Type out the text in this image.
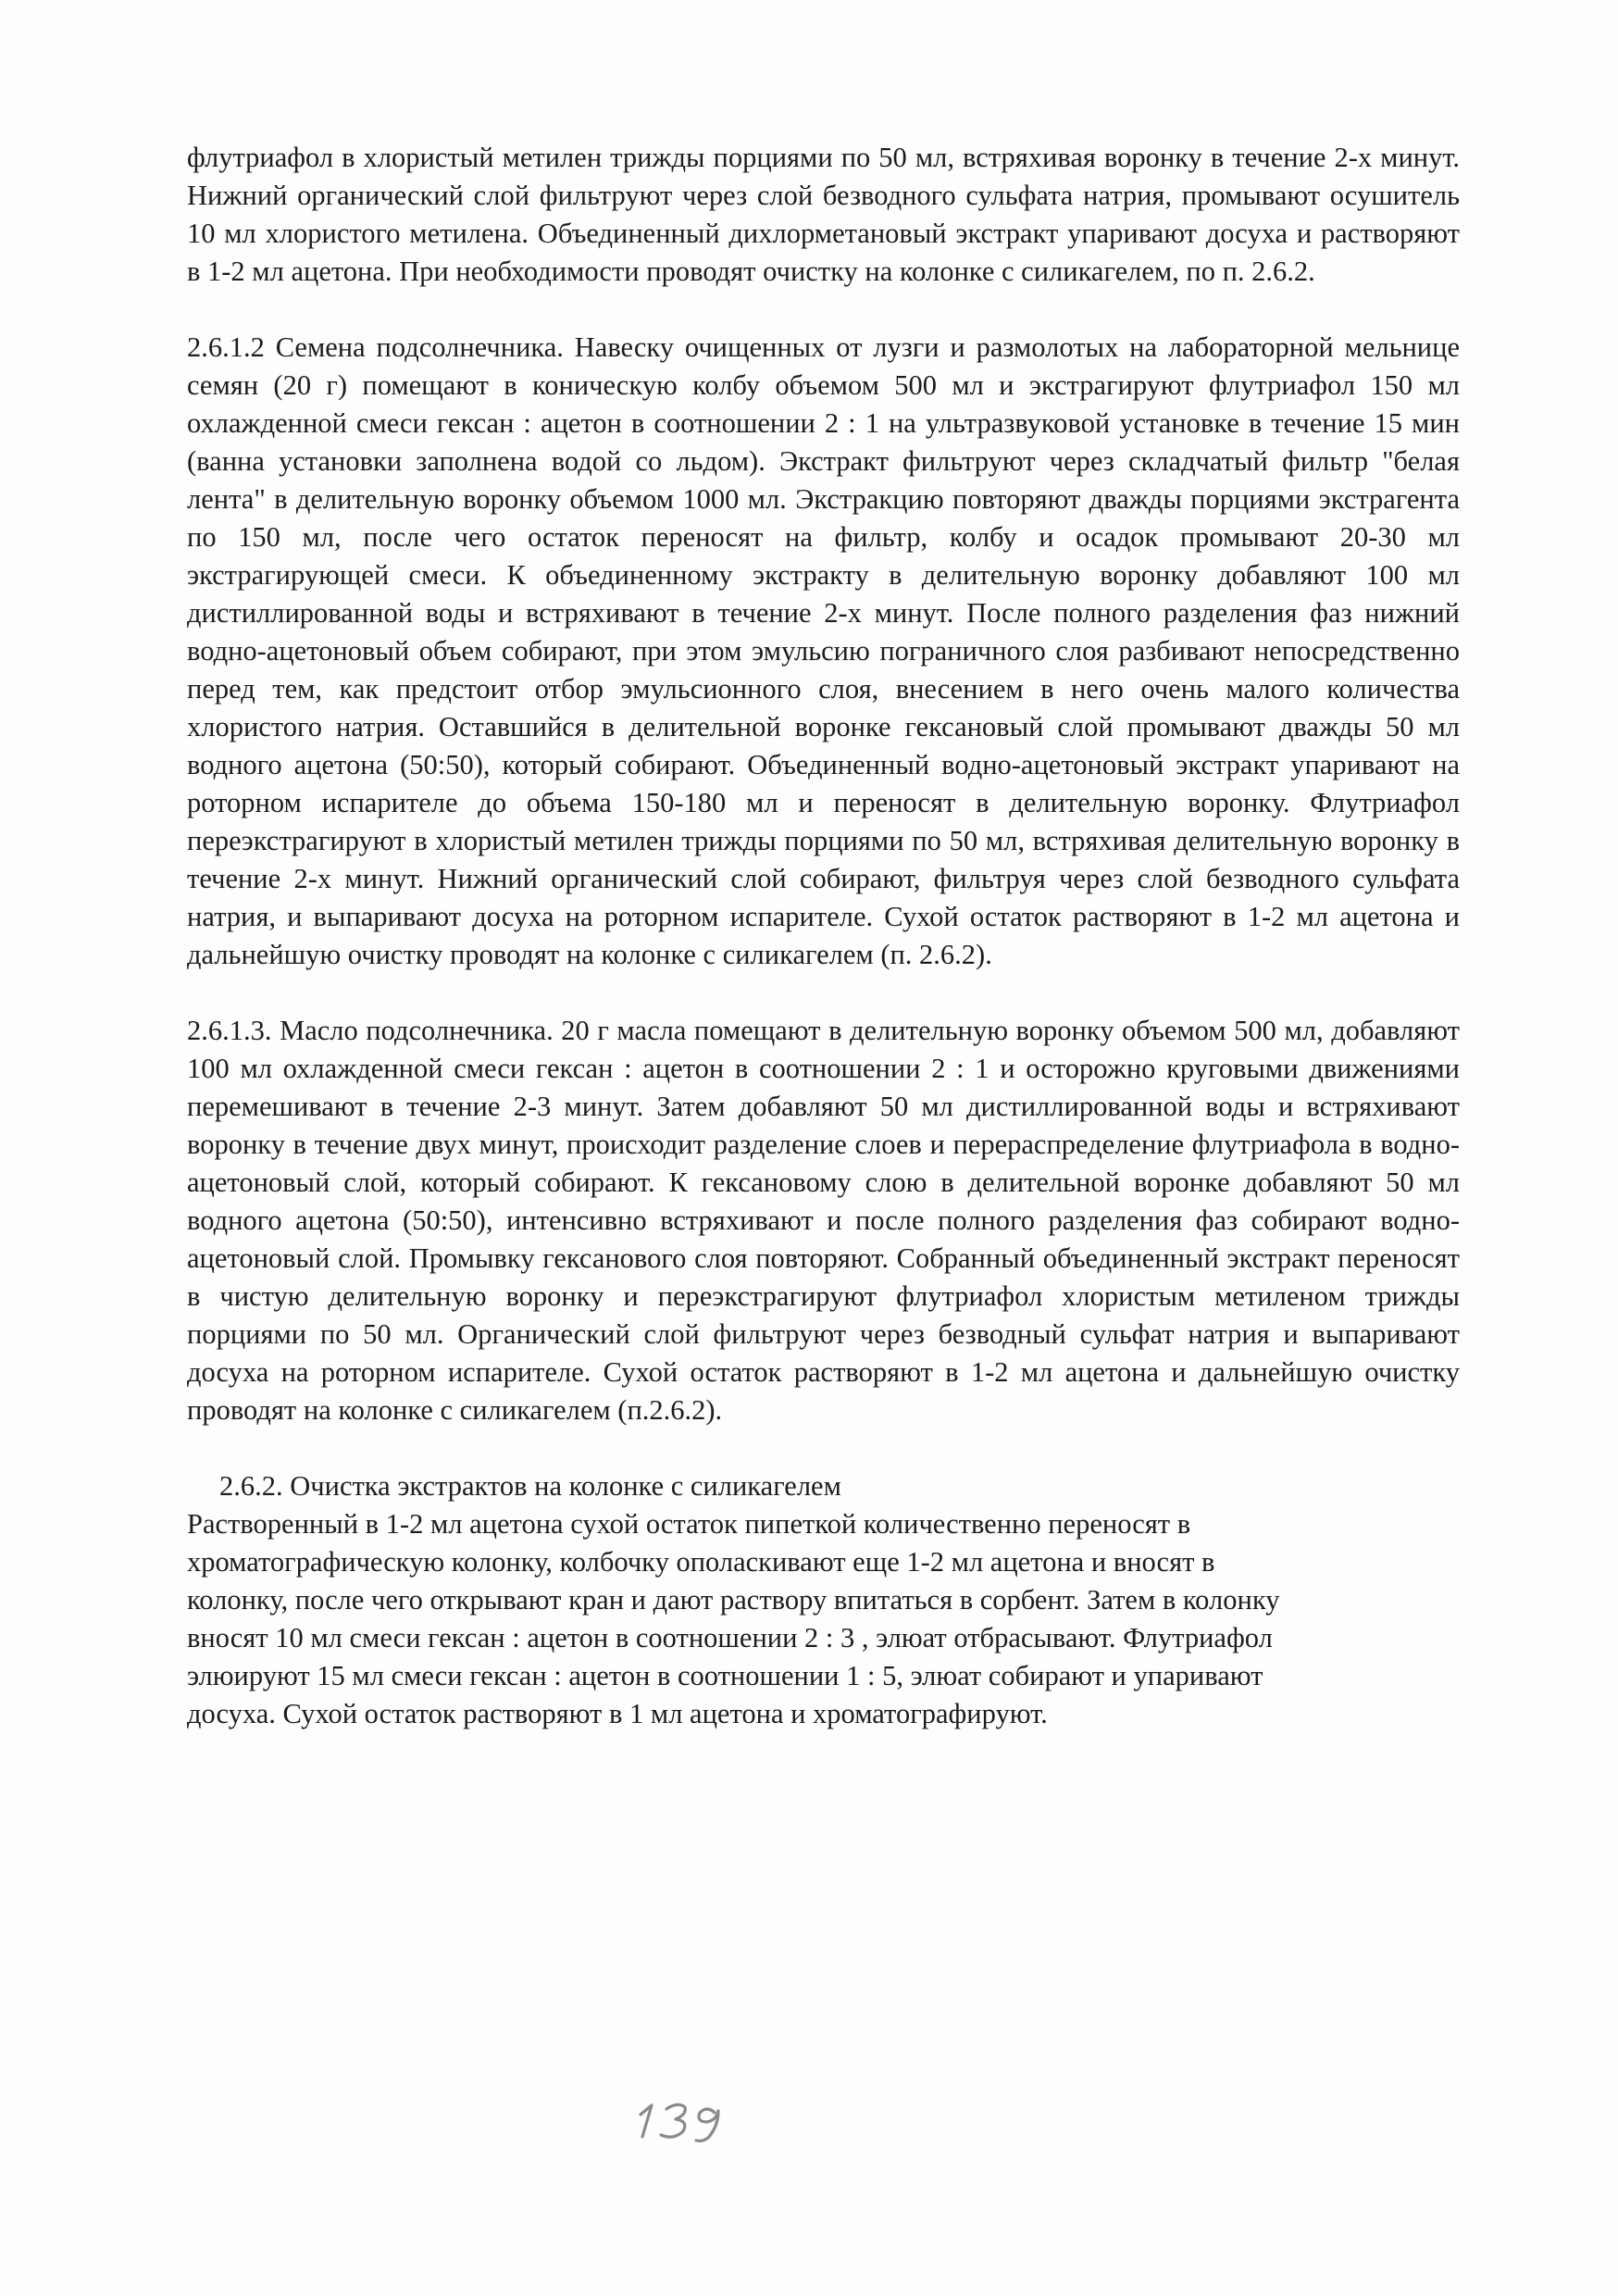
флутриафол в хлористый метилен трижды порциями по 50 мл, встряхивая воронку в течение 2-х минут. Нижний органический слой фильтруют через слой безводного сульфата натрия, промывают осушитель 10 мл хлористого метилена. Объединенный дихлорметановый экстракт упаривают досуха и растворяют в 1-2 мл ацетона. При необходимости проводят очистку на колонке с силикагелем, по п. 2.6.2.

2.6.1.2 Семена подсолнечника. Навеску очищенных от лузги и размолотых на лабораторной мельнице семян (20 г) помещают в коническую колбу объемом 500 мл и экстрагируют флутриафол 150 мл охлажденной смеси гексан : ацетон в соотношении 2 : 1 на ультразвуковой установке в течение 15 мин (ванна установки заполнена водой со льдом). Экстракт фильтруют через складчатый фильтр "белая лента" в делительную воронку объемом 1000 мл. Экстракцию повторяют дважды порциями экстрагента по 150 мл, после чего остаток переносят на фильтр, колбу и осадок промывают 20-30 мл экстрагирующей смеси. К объединенному экстракту в делительную воронку добавляют 100 мл дистиллированной воды и встряхивают в течение 2-х минут. После полного разделения фаз нижний водно-ацетоновый объем собирают, при этом эмульсию пограничного слоя разбивают непосредственно перед тем, как предстоит отбор эмульсионного слоя, внесением в него очень малого количества хлористого натрия. Оставшийся в делительной воронке гексановый слой промывают дважды 50 мл водного ацетона (50:50), который собирают. Объединенный водно-ацетоновый экстракт упаривают на роторном испарителе до объема 150-180 мл и переносят в делительную воронку. Флутриафол переэкстрагируют в хлористый метилен трижды порциями по 50 мл, встряхивая делительную воронку в течение 2-х минут. Нижний органический слой собирают, фильтруя через слой безводного сульфата натрия, и выпаривают досуха на роторном испарителе. Сухой остаток растворяют в 1-2 мл ацетона и дальнейшую очистку проводят на колонке с силикагелем (п. 2.6.2).

2.6.1.3. Масло подсолнечника. 20 г масла помещают в делительную воронку объемом 500 мл, добавляют 100 мл охлажденной смеси гексан : ацетон в соотношении 2 : 1 и осторожно круговыми движениями перемешивают в течение 2-3 минут. Затем добавляют 50 мл дистиллированной воды и встряхивают воронку в течение двух минут, происходит разделение слоев и перераспределение флутриафола в водно-ацетоновый слой, который собирают. К гексановому слою в делительной воронке добавляют 50 мл водного ацетона (50:50), интенсивно встряхивают и после полного разделения фаз собирают водно-ацетоновый слой. Промывку гексанового слоя повторяют. Собранный объединенный экстракт переносят в чистую делительную воронку и переэкстрагируют флутриафол хлористым метиленом трижды порциями по 50 мл. Органический слой фильтруют через безводный сульфат натрия и выпаривают досуха на роторном испарителе. Сухой остаток растворяют в 1-2 мл ацетона и дальнейшую очистку проводят на колонке с силикагелем (п.2.6.2).

2.6.2. Очистка экстрактов на колонке с силикагелем
Растворенный в 1-2 мл ацетона сухой остаток пипеткой количественно переносят в
хроматографическую колонку, колбочку ополаскивают еще 1-2 мл ацетона и вносят в
колонку, после чего открывают кран и дают раствору впитаться в сорбент. Затем в колонку
вносят 10 мл смеси гексан : ацетон в соотношении 2 : 3 , элюат отбрасывают. Флутриафол
элюируют 15 мл смеси гексан : ацетон в соотношении 1 : 5, элюат собирают и упаривают
досуха. Сухой остаток растворяют в 1 мл ацетона и хроматографируют.
